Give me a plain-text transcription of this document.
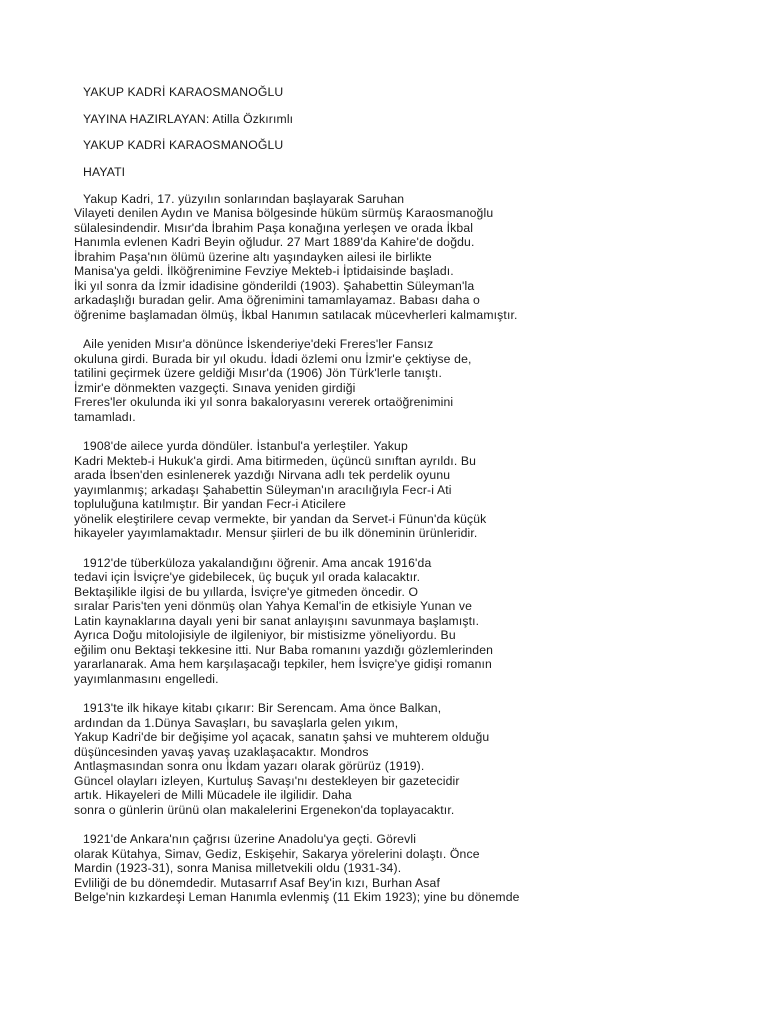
YAKUP KADRİ KARAOSMANOĞLU
YAYINA HAZIRLAYAN: Atilla Özkırımlı
YAKUP KADRİ KARAOSMANOĞLU
HAYATI
Yakup Kadri, 17. yüzyılın sonlarından başlayarak Saruhan
Vilayeti denilen Aydın ve Manisa bölgesinde hüküm sürmüş Karaosmanoğlu
sülalesindendir. Mısır'da İbrahim Paşa konağına yerleşen ve orada İkbal
Hanımla evlenen Kadri Beyin oğludur. 27 Mart 1889'da Kahire'de doğdu.
İbrahim Paşa'nın ölümü üzerine altı yaşındayken ailesi ile birlikte
Manisa'ya geldi. İlköğrenimine Fevziye Mekteb-i İptidaisinde başladı.
İki yıl sonra da İzmir idadisine gönderildi (1903). Şahabettin Süleyman'la
arkadaşlığı buradan gelir. Ama öğrenimini tamamlayamaz. Babası daha o
öğrenime başlamadan ölmüş, İkbal Hanımın satılacak mücevherleri kalmamıştır.
Aile yeniden Mısır'a dönünce İskenderiye'deki Freres'ler Fansız
okuluna girdi. Burada bir yıl okudu. İdadi özlemi onu İzmir'e çektiyse de,
tatilini geçirmek üzere geldiği Mısır'da (1906) Jön Türk'lerle tanıştı.
İzmir'e dönmekten vazgeçti. Sınava yeniden girdiği
Freres'ler okulunda iki yıl sonra bakaloryasını vererek ortaöğrenimini
tamamladı.
1908'de ailece yurda döndüler. İstanbul'a yerleştiler. Yakup
Kadri Mekteb-i Hukuk'a girdi. Ama bitirmeden, üçüncü sınıftan ayrıldı. Bu
arada İbsen'den esinlenerek yazdığı Nirvana adlı tek perdelik oyunu
yayımlanmış; arkadaşı Şahabettin Süleyman'ın aracılığıyla Fecr-i Ati
topluluğuna katılmıştır. Bir yandan Fecr-i Aticilere
yönelik eleştirilere cevap vermekte, bir yandan da Servet-i Fünun'da küçük
hikayeler yayımlamaktadır. Mensur şiirleri de bu ilk döneminin ürünleridir.
1912'de tüberküloza yakalandığını öğrenir. Ama ancak 1916'da
tedavi için İsviçre'ye gidebilecek, üç buçuk yıl orada kalacaktır.
Bektaşilikle ilgisi de bu yıllarda, İsviçre'ye gitmeden öncedir. O
sıralar Paris'ten yeni dönmüş olan Yahya Kemal'in de etkisiyle Yunan ve
Latin kaynaklarına dayalı yeni bir sanat anlayışını savunmaya başlamıştı.
Ayrıca Doğu mitolojisiyle de ilgileniyor, bir mistisizme yöneliyordu. Bu
eğilim onu Bektaşi tekkesine itti. Nur Baba romanını yazdığı gözlemlerinden
yararlanarak. Ama hem karşılaşacağı tepkiler, hem İsviçre'ye gidişi romanın
yayımlanmasını engelledi.
1913'te ilk hikaye kitabı çıkarır: Bir Serencam. Ama önce Balkan,
ardından da 1.Dünya Savaşları, bu savaşlarla gelen yıkım,
Yakup Kadri'de bir değişime yol açacak, sanatın şahsi ve muhterem olduğu
düşüncesinden yavaş yavaş uzaklaşacaktır. Mondros
Antlaşmasından sonra onu İkdam yazarı olarak görürüz (1919).
Güncel olayları izleyen, Kurtuluş Savaşı'nı destekleyen bir gazetecidir
artık. Hikayeleri de Milli Mücadele ile ilgilidir. Daha
sonra o günlerin ürünü olan makalelerini Ergenekon'da toplayacaktır.
1921'de Ankara'nın çağrısı üzerine Anadolu'ya geçti. Görevli
olarak Kütahya, Simav, Gediz, Eskişehir, Sakarya yörelerini dolaştı. Önce
Mardin (1923-31), sonra Manisa milletvekili oldu (1931-34).
Evliliği de bu dönemdedir. Mutasarrıf Asaf Bey'in kızı, Burhan Asaf
Belge'nin kızkardeşi Leman Hanımla evlenmiş (11 Ekim 1923); yine bu dönemde
